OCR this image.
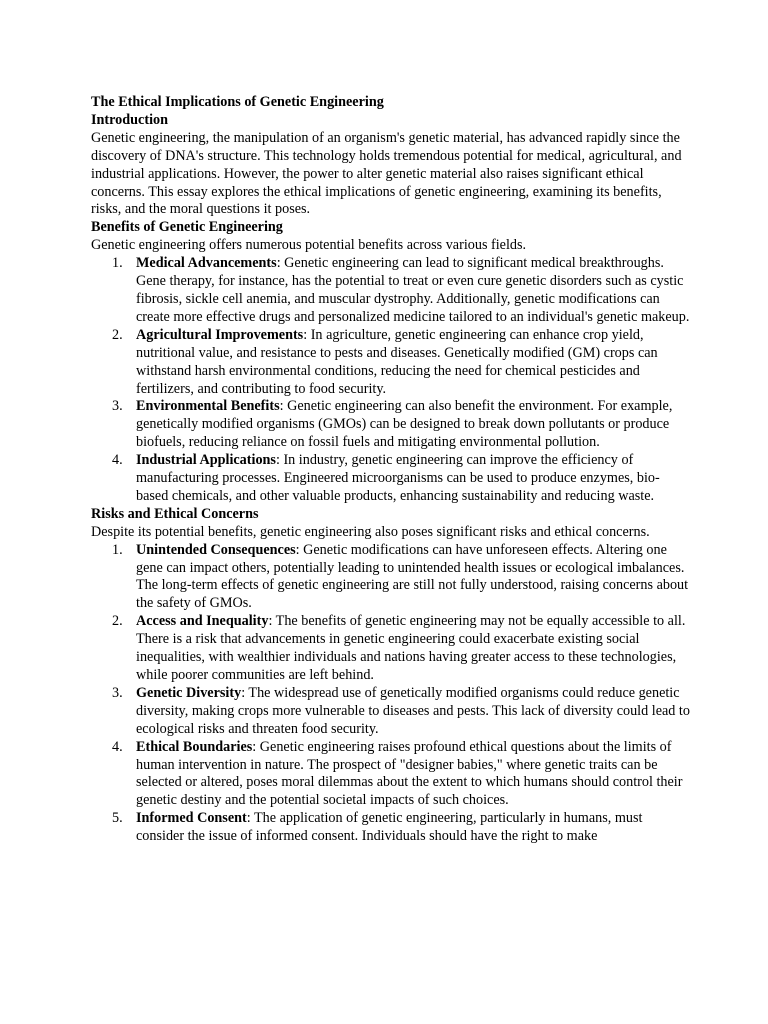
The Ethical Implications of Genetic Engineering

Introduction

Genetic engineering, the manipulation of an organism's genetic material, has advanced rapidly since the discovery of DNA's structure. This technology holds tremendous potential for medical, agricultural, and industrial applications. However, the power to alter genetic material also raises significant ethical concerns. This essay explores the ethical implications of genetic engineering, examining its benefits, risks, and the moral questions it poses.

Benefits of Genetic Engineering

Genetic engineering offers numerous potential benefits across various fields.

1. Medical Advancements: Genetic engineering can lead to significant medical breakthroughs. Gene therapy, for instance, has the potential to treat or even cure genetic disorders such as cystic fibrosis, sickle cell anemia, and muscular dystrophy. Additionally, genetic modifications can create more effective drugs and personalized medicine tailored to an individual's genetic makeup.
2. Agricultural Improvements: In agriculture, genetic engineering can enhance crop yield, nutritional value, and resistance to pests and diseases. Genetically modified (GM) crops can withstand harsh environmental conditions, reducing the need for chemical pesticides and fertilizers, and contributing to food security.
3. Environmental Benefits: Genetic engineering can also benefit the environment. For example, genetically modified organisms (GMOs) can be designed to break down pollutants or produce biofuels, reducing reliance on fossil fuels and mitigating environmental pollution.
4. Industrial Applications: In industry, genetic engineering can improve the efficiency of manufacturing processes. Engineered microorganisms can be used to produce enzymes, bio-based chemicals, and other valuable products, enhancing sustainability and reducing waste.

Risks and Ethical Concerns

Despite its potential benefits, genetic engineering also poses significant risks and ethical concerns.

1. Unintended Consequences: Genetic modifications can have unforeseen effects. Altering one gene can impact others, potentially leading to unintended health issues or ecological imbalances. The long-term effects of genetic engineering are still not fully understood, raising concerns about the safety of GMOs.
2. Access and Inequality: The benefits of genetic engineering may not be equally accessible to all. There is a risk that advancements in genetic engineering could exacerbate existing social inequalities, with wealthier individuals and nations having greater access to these technologies, while poorer communities are left behind.
3. Genetic Diversity: The widespread use of genetically modified organisms could reduce genetic diversity, making crops more vulnerable to diseases and pests. This lack of diversity could lead to ecological risks and threaten food security.
4. Ethical Boundaries: Genetic engineering raises profound ethical questions about the limits of human intervention in nature. The prospect of "designer babies," where genetic traits can be selected or altered, poses moral dilemmas about the extent to which humans should control their genetic destiny and the potential societal impacts of such choices.
5. Informed Consent: The application of genetic engineering, particularly in humans, must consider the issue of informed consent. Individuals should have the right to make
